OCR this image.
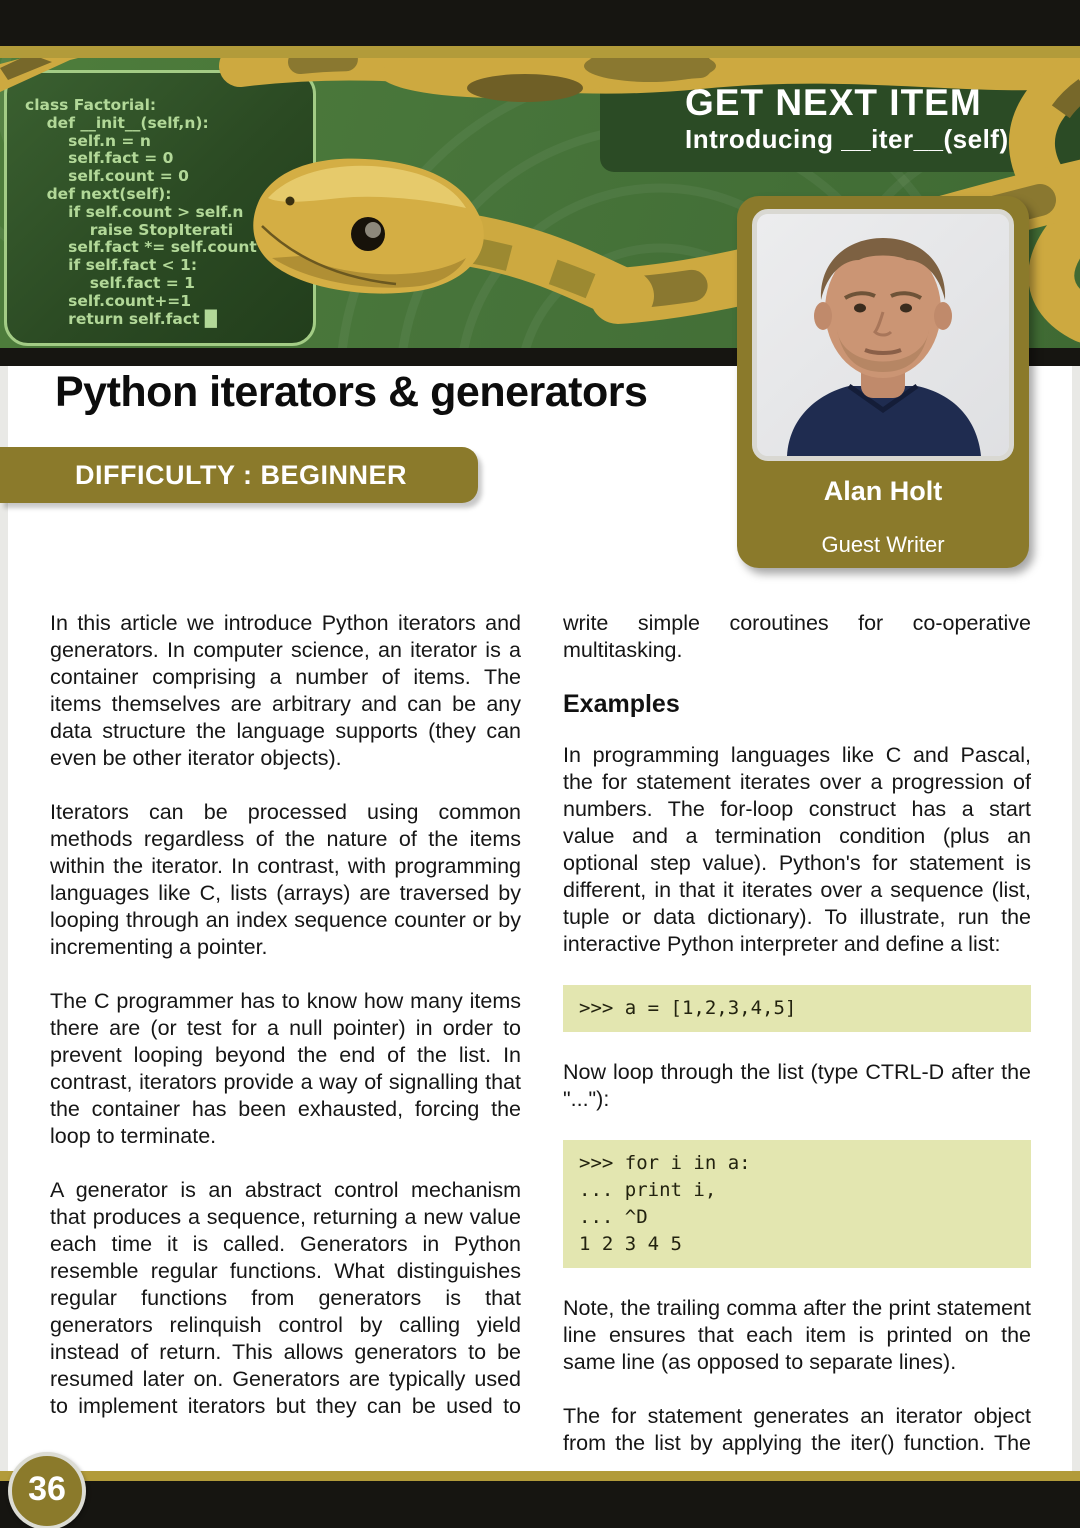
class Factorial:
def __init__(self,n):
self.n = n
self.fact = 0
self.count = 0
def next(self):
if self.count > self.n
raise StopIterati
self.fact *= self.count
if self.fact < 1:
self.fact = 1
self.count+=1
return self.fact █
GET NEXT ITEM
Introducing __iter__(self)
Alan Holt
Guest Writer
Python iterators & generators
DIFFICULTY : BEGINNER

In this article we introduce Python iterators and generators. In computer science, an iterator is a container comprising a number of items. The items themselves are arbitrary and can be any data structure the language supports (they can even be other iterator objects).

Iterators can be processed using common methods regardless of the nature of the items within the iterator. In contrast, with programming languages like C, lists (arrays) are traversed by looping through an index sequence counter or by incrementing a pointer.

The C programmer has to know how many items there are (or test for a null pointer) in order to prevent looping beyond the end of the list. In contrast, iterators provide a way of signalling that the container has been exhausted, forcing the loop to terminate.

A generator is an abstract control mechanism that produces a sequence, returning a new value each time it is called. Generators in Python resemble regular functions. What distinguishes regular functions from generators is that generators relinquish control by calling yield instead of return. This allows generators to be resumed later on. Generators are typically used to implement iterators but they can be used to

write simple coroutines for co-operative multitasking.

Examples

In programming languages like C and Pascal, the for statement iterates over a progression of numbers. The for-loop construct has a start value and a termination condition (plus an optional step value). Python's for statement is different, in that it iterates over a sequence (list, tuple or data dictionary). To illustrate, run the interactive Python interpreter and define a list:

>>> a = [1,2,3,4,5]

Now loop through the list (type CTRL-D after the "..."):

>>> for i in a:
... print i,
... ^D
1 2 3 4 5

Note, the trailing comma after the print statement line ensures that each item is printed on the same line (as opposed to separate lines).

The for statement generates an iterator object from the list by applying the iter() function. The

36
